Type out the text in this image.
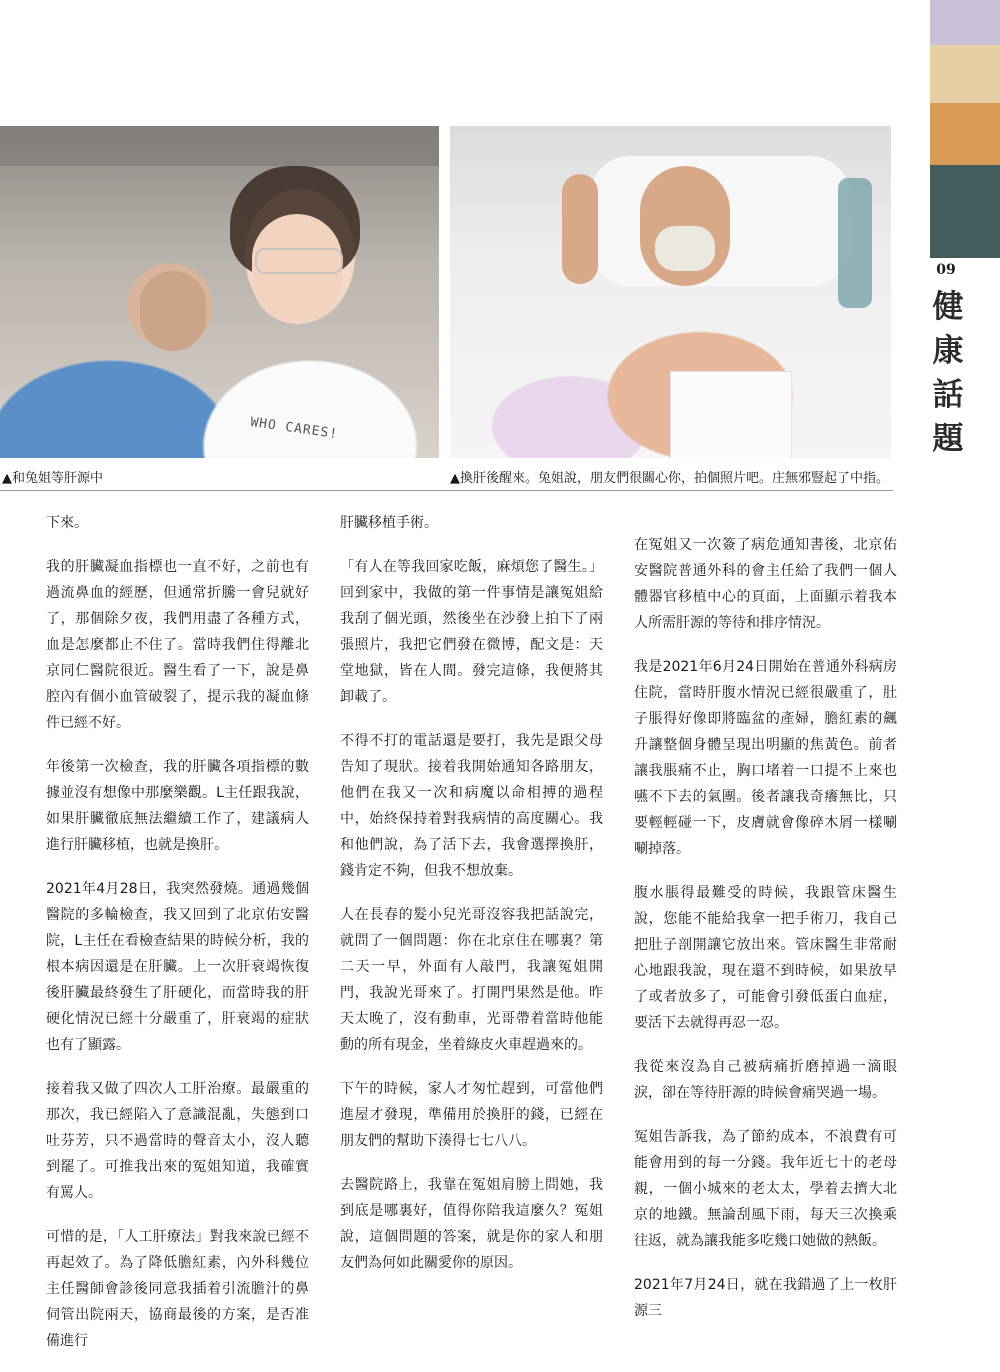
09
健康話題
WHO CARES!
▲和兔姐等肝源中	▲換肝後醒來。兔姐說，朋友們很關心你，拍個照片吧。庄無邪豎起了中指。

下來。

我的肝臟凝血指標也一直不好，之前也有過流鼻血的經歷，但通常折騰一會兒就好了，那個除夕夜，我們用盡了各種方式，血是怎麼都止不住了。當時我們住得離北京同仁醫院很近。醫生看了一下，說是鼻腔內有個小血管破裂了，提示我的凝血條件已經不好。

年後第一次檢查，我的肝臟各項指標的數據並沒有想像中那麼樂觀。L主任跟我說，如果肝臟徹底無法繼續工作了，建議病人進行肝臟移植，也就是換肝。

2021年4月28日，我突然發燒。通過幾個醫院的多輪檢查，我又回到了北京佑安醫院，L主任在看檢查結果的時候分析，我的根本病因還是在肝臟。上一次肝衰竭恢復後肝臟最終發生了肝硬化，而當時我的肝硬化情況已經十分嚴重了，肝衰竭的症狀也有了顯露。

接着我又做了四次人工肝治療。最嚴重的那次，我已經陷入了意識混亂，失態到口吐芬芳，只不過當時的聲音太小，沒人聽到罷了。可推我出來的冤姐知道，我確實有罵人。

可惜的是，「人工肝療法」對我來說已經不再起效了。為了降低膽紅素，內外科幾位主任醫師會診後同意我插着引流膽汁的鼻伺管出院兩天，協商最後的方案，是否准備進行

肝臟移植手術。

「有人在等我回家吃飯，麻煩您了醫生。」回到家中，我做的第一件事情是讓冤姐給我刮了個光頭，然後坐在沙發上拍下了兩張照片，我把它們發在微博，配文是：天堂地獄，皆在人間。發完這條，我便將其卸載了。

不得不打的電話還是要打，我先是跟父母告知了現狀。接着我開始通知各路朋友，他們在我又一次和病魔以命相搏的過程中，始終保持着對我病情的高度關心。我和他們說，為了活下去，我會選擇換肝，錢肯定不夠，但我不想放棄。

人在長春的髮小兒光哥沒容我把話說完，就問了一個問題：你在北京住在哪裏？第二天一早，外面有人敲門，我讓冤姐開門，我說光哥來了。打開門果然是他。昨天太晚了，沒有動車，光哥帶着當時他能動的所有現金，坐着綠皮火車趕過來的。

下午的時候，家人才匆忙趕到，可當他們進屋才發現，準備用於換肝的錢，已經在朋友們的幫助下湊得七七八八。

去醫院路上，我靠在冤姐肩膀上問她，我到底是哪裏好，值得你陪我這麼久？冤姐說，這個問題的答案，就是你的家人和朋友們為何如此關愛你的原因。

在冤姐又一次簽了病危通知書後，北京佑安醫院普通外科的會主任給了我們一個人體器官移植中心的頁面，上面顯示着我本人所需肝源的等待和排序情況。

我是2021年6月24日開始在普通外科病房住院，當時肝腹水情況已經很嚴重了，肚子脹得好像即將臨盆的產婦，膽紅素的飆升讓整個身體呈現出明顯的焦黃色。前者讓我脹痛不止，胸口堵着一口提不上來也嚥不下去的氣團。後者讓我奇癢無比，只要輕輕碰一下，皮膚就會像碎木屑一樣唰唰掉落。

腹水脹得最難受的時候，我跟管床醫生說，您能不能給我拿一把手術刀，我自己把肚子剖開讓它放出來。管床醫生非常耐心地跟我說，現在還不到時候，如果放早了或者放多了，可能會引發低蛋白血症，要活下去就得再忍一忍。

我從來沒為自己被病痛折磨掉過一滴眼淚，卻在等待肝源的時候會痛哭過一場。

冤姐告訴我，為了節約成本，不浪費有可能會用到的每一分錢。我年近七十的老母親，一個小城來的老太太，學着去擠大北京的地鐵。無論刮風下雨，每天三次換乘往返，就為讓我能多吃幾口她做的熱飯。

2021年7月24日，就在我錯過了上一枚肝源三
